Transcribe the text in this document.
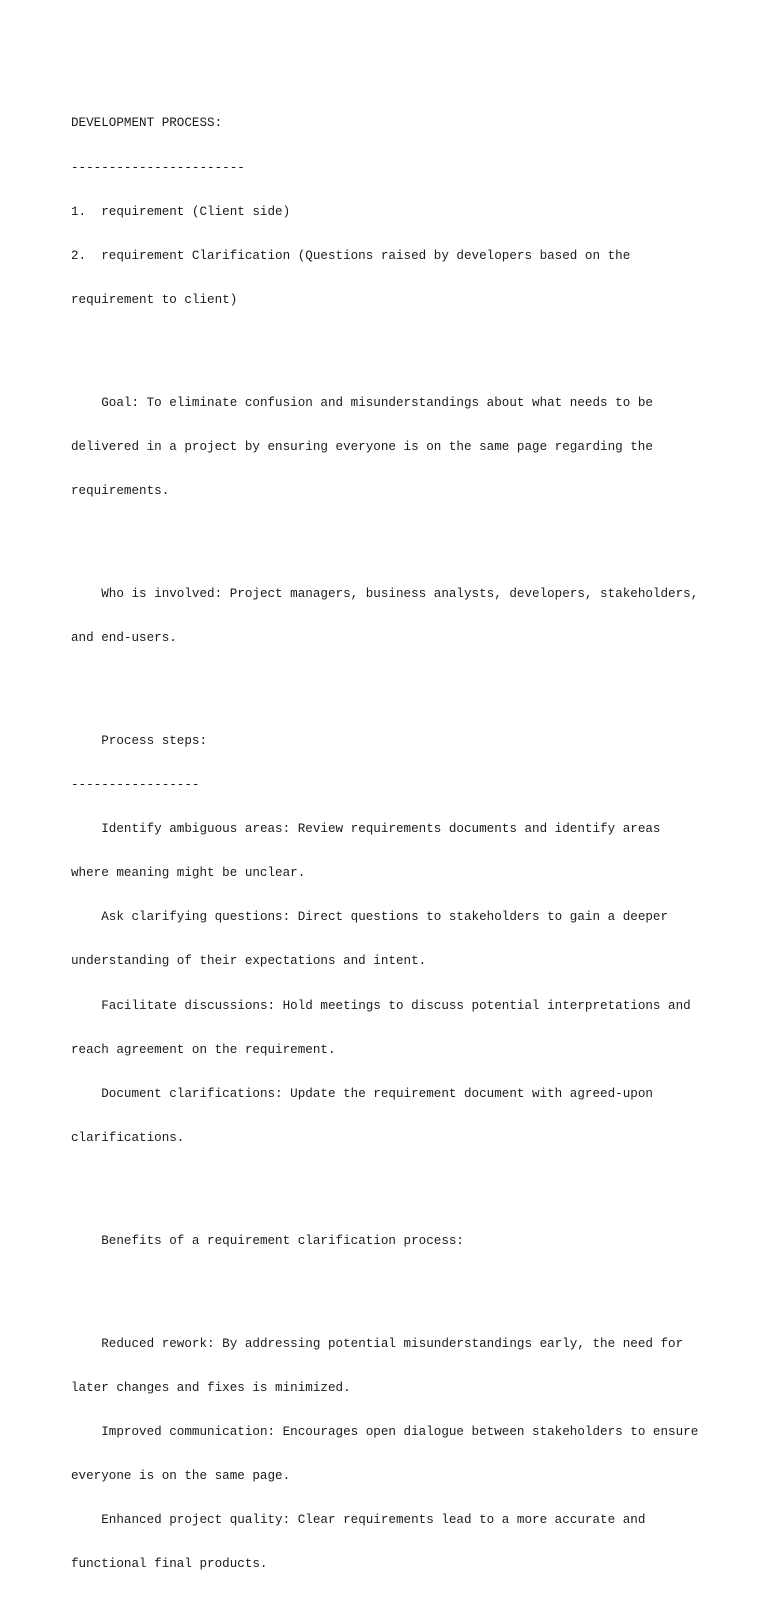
DEVELOPMENT PROCESS:

-----------------------

1.  requirement (Client side)

2.  requirement Clarification (Questions raised by developers based on the

requirement to client)

Goal: To eliminate confusion and misunderstandings about what needs to be

delivered in a project by ensuring everyone is on the same page regarding the

requirements.

Who is involved: Project managers, business analysts, developers, stakeholders,

and end-users.

Process steps:

-----------------

Identify ambiguous areas: Review requirements documents and identify areas

where meaning might be unclear.

Ask clarifying questions: Direct questions to stakeholders to gain a deeper

understanding of their expectations and intent.

Facilitate discussions: Hold meetings to discuss potential interpretations and

reach agreement on the requirement.

Document clarifications: Update the requirement document with agreed-upon

clarifications.

Benefits of a requirement clarification process:

Reduced rework: By addressing potential misunderstandings early, the need for

later changes and fixes is minimized.

Improved communication: Encourages open dialogue between stakeholders to ensure

everyone is on the same page.

Enhanced project quality: Clear requirements lead to a more accurate and

functional final products.
